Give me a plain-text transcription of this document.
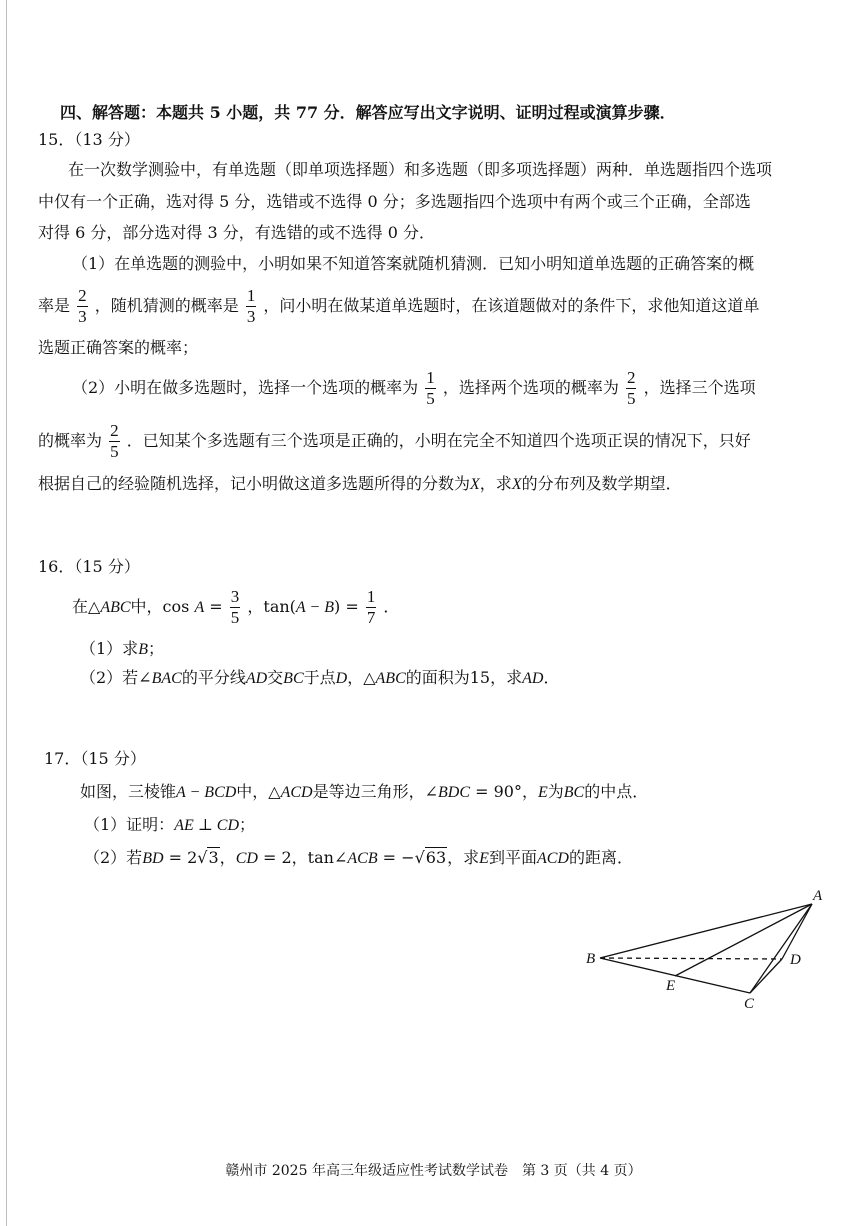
四、解答题：本题共 5 小题，共 77 分．解答应写出文字说明、证明过程或演算步骤．
15．（13 分）
在一次数学测验中，有单选题（即单项选择题）和多选题（即多项选择题）两种．单选题指四个选项
中仅有一个正确，选对得 5 分，选错或不选得 0 分；多选题指四个选项中有两个或三个正确，全部选
对得 6 分，部分选对得 3 分，有选错的或不选得 0 分．
（1）在单选题的测验中，小明如果不知道答案就随机猜测．已知小明知道单选题的正确答案的概
率是 $\frac{2}{3}$ ，随机猜测的概率是 $\frac{1}{3}$ ，问小明在做某道单选题时，在该道题做对的条件下，求他知道这道单
选题正确答案的概率；
（2）小明在做多选题时，选择一个选项的概率为 $\frac{1}{5}$ ，选择两个选项的概率为 $\frac{2}{5}$ ，选择三个选项
的概率为 $\frac{2}{5}$ ．已知某个多选题有三个选项是正确的，小明在完全不知道四个选项正误的情况下，只好
根据自己的经验随机选择，记小明做这道多选题所得的分数为X，求X的分布列及数学期望．
16．（15 分）
在△ABC中，$\cos A = \frac{3}{5}$ ，$\tan(A - B) = \frac{1}{7}$ ．
（1）求B；
（2）若∠BAC的平分线AD交BC于点D，△ABC的面积为15，求AD．
17．（15 分）
如图，三棱锥A − BCD中，△ACD是等边三角形，∠BDC = 90°，E为BC的中点．
（1）证明：AE ⊥ CD；
（2）若BD = 2√3，CD = 2，tan∠ACB = −√63，求E到平面ACD的距离．
A
B
C
D
E
赣州市 2025 年高三年级适应性考试数学试卷　第 3 页（共 4 页）
